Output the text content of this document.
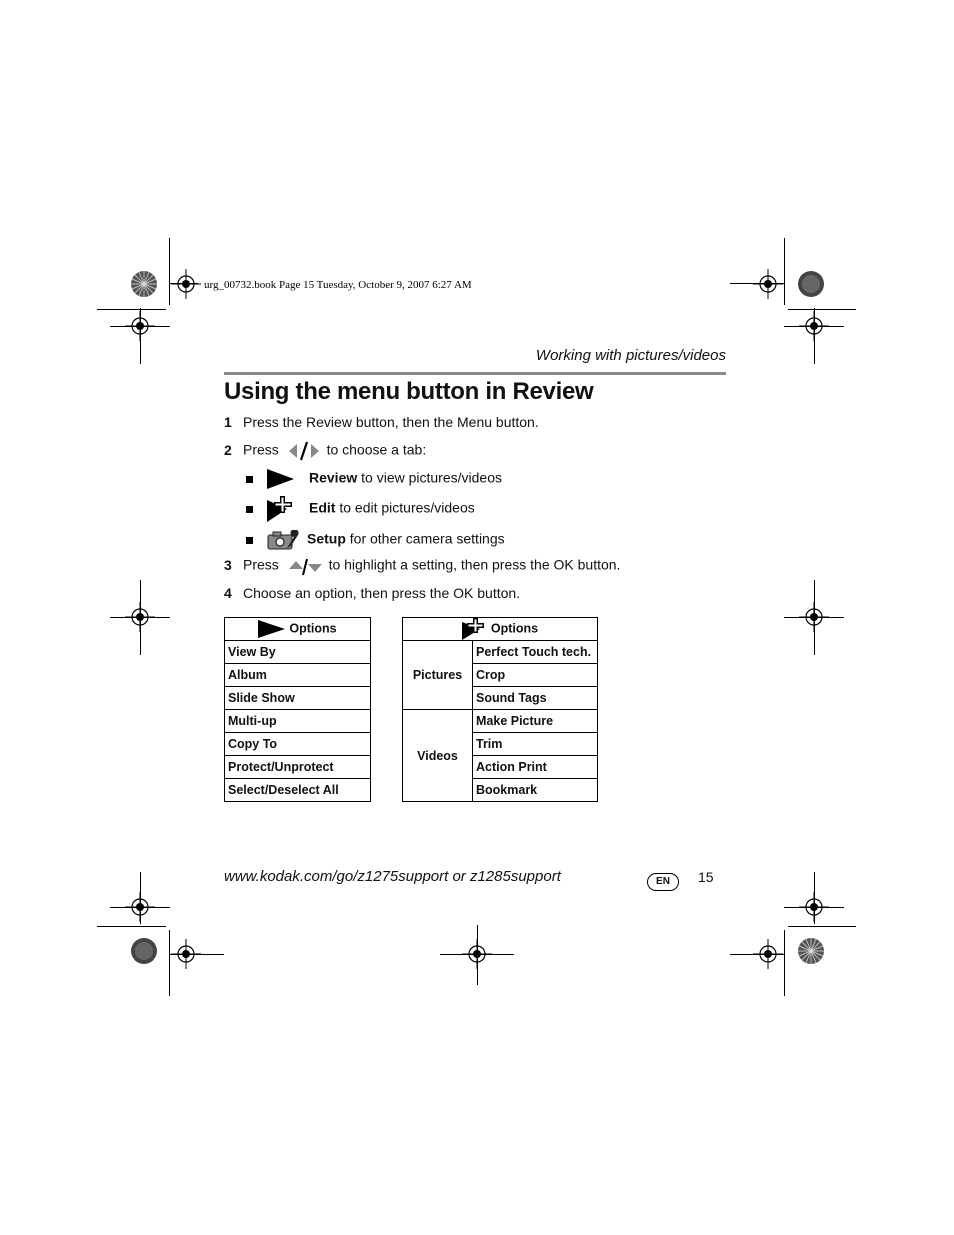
urg_00732.book Page 15 Tuesday, October 9, 2007 6:27 AM
Working with pictures/videos
Using the menu button in Review
1 Press the Review button, then the Menu button.
2 Press	to choose a tab:
Review to view pictures/videos
Edit to edit pictures/videos
Setup for other camera settings
3 Press	to highlight a setting, then press the OK button.
4 Choose an option, then press the OK button.
Options
View By
Album
Slide Show
Multi-up
Copy To
Protect/Unprotect
Select/Deselect All
Options	
Pictures	Perfect Touch tech.
	Crop
	Sound Tags
Videos	Make Picture
	Trim
	Action Print
	Bookmark
www.kodak.com/go/z1275support or z1285support	EN	15
